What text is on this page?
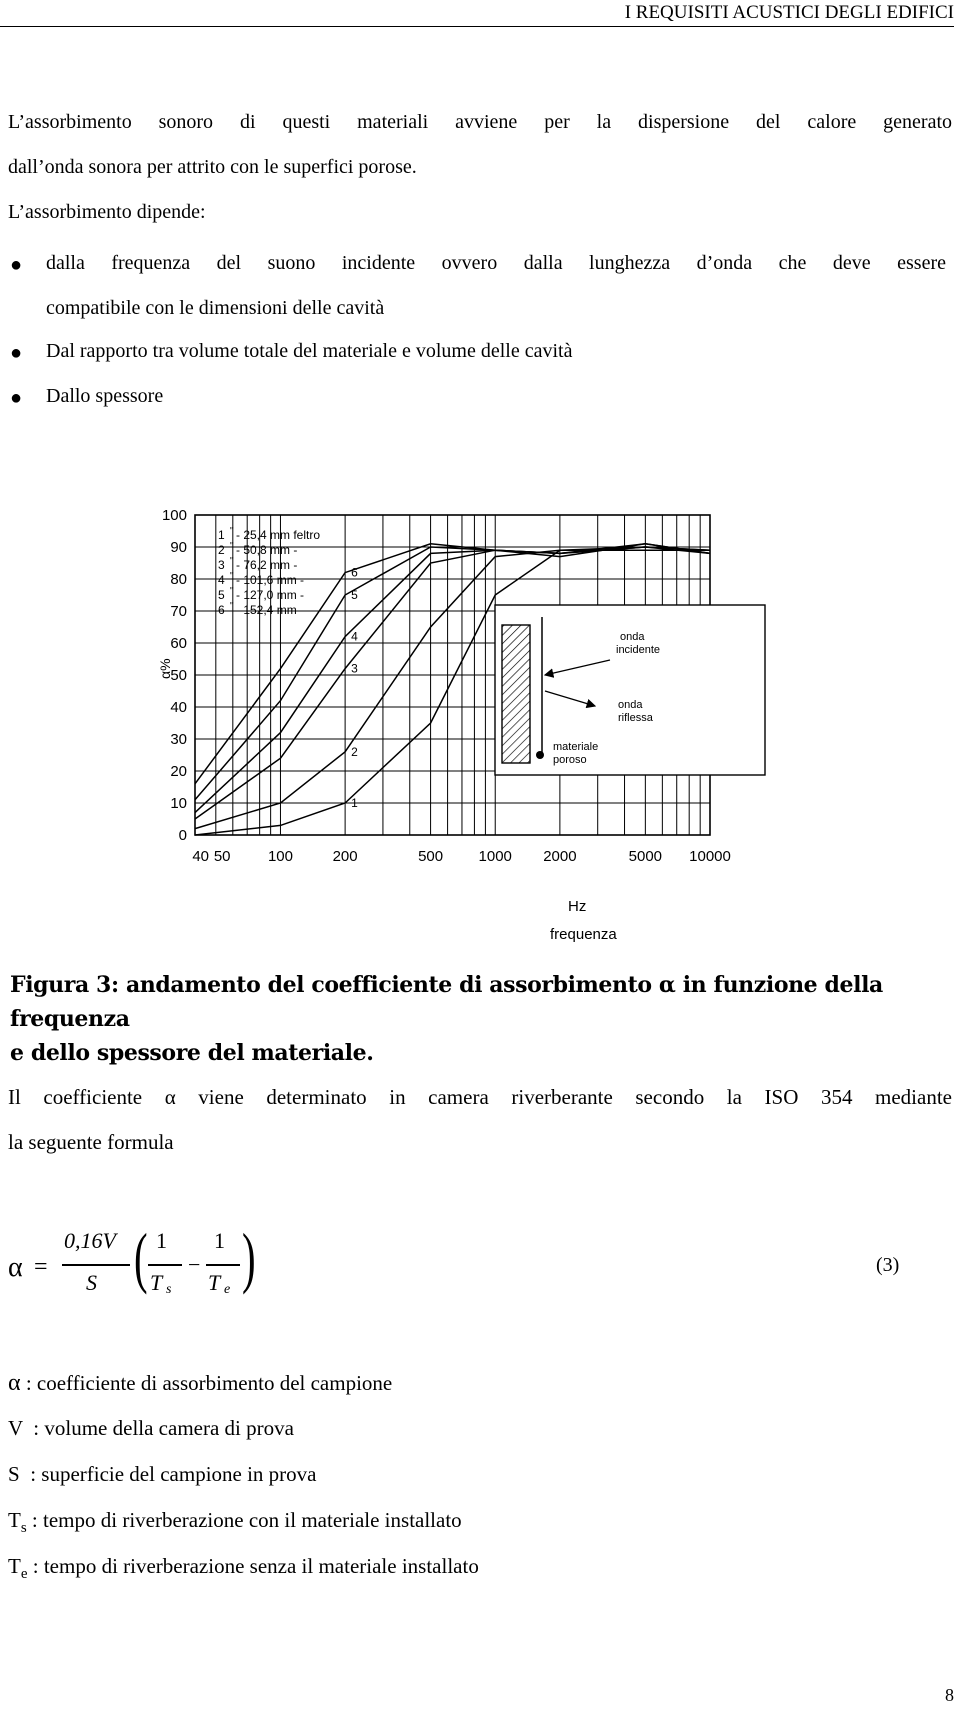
I REQUISITI ACUSTICI DEGLI EDIFICI
L’assorbimento sonoro di questi materiali avviene per la dispersione del calore generato
dall’onda sonora per attrito con le superfici porose.
L’assorbimento dipende:
● dalla frequenza del suono incidente ovvero dalla lunghezza d’onda che deve essere
compatibile con le dimensioni delle cavità
● Dal rapporto tra volume totale del materiale e volume delle cavità
● Dallo spessore
0
10
20
30
40
50
60
70
80
90
100
40 50 100	200	500 1000 2000	5000 10000
1
2
3
4
5
6
α%
Hz
frequenza
1 " - 25,4 mm feltro
2 " - 50,8 mm -
3 " - 76,2 mm -
4 " - 101,6 mm -
5 " - 127,0 mm -
6 " - 152,4 mm -
onda
incidente
onda
riflessa
materiale
poroso
Figura 3: andamento del coefficiente di assorbimento α in funzione della frequenza
e dello spessore del materiale.
Il coefficiente α viene determinato in camera riverberante secondo la ISO 354 mediante
la seguente formula
α =
0,16V
S ( 1
T s
−
1
T e )	(3)
α : coefficiente di assorbimento del campione
V  : volume della camera di prova
S  : superficie del campione in prova
$T_s$ : tempo di riverberazione con il materiale installato
$T_e$ : tempo di riverberazione senza il materiale installato
8
